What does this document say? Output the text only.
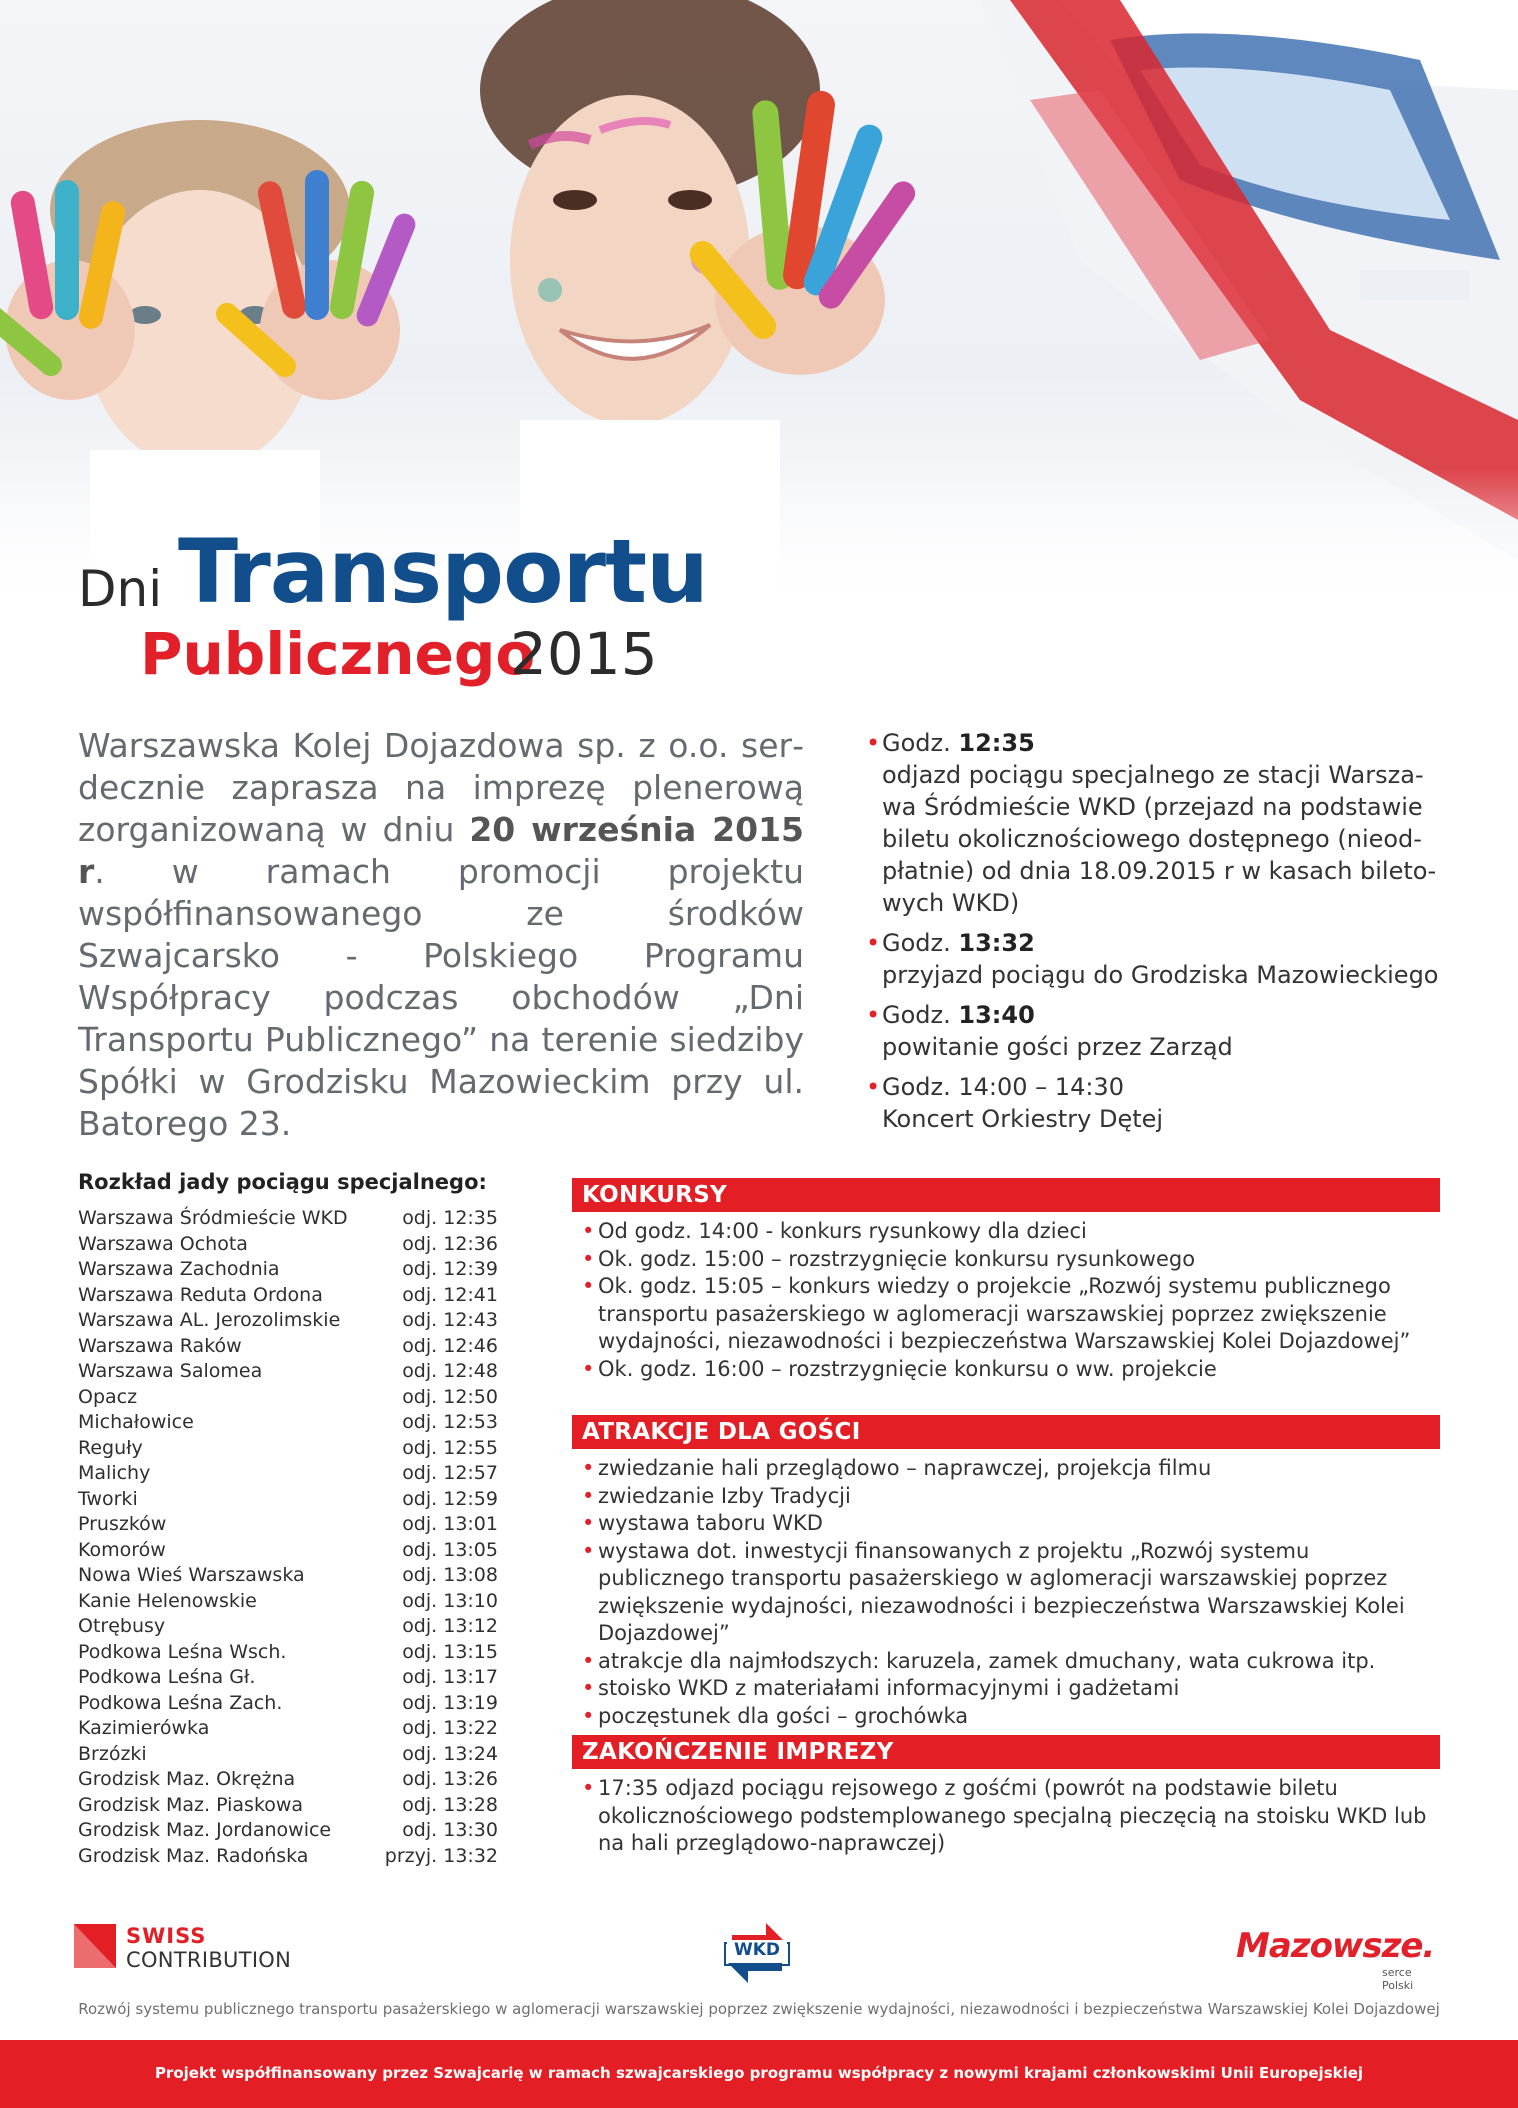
Dni Transportu
Publicznego
2015
Warszawska Kolej Dojazdowa sp. z o.o. serdecznie zaprasza na imprezę plenerową zorganizowaną w dniu 20 września 2015 r. w ramach promocji projektu współfinansowanego ze środków Szwajcarsko - Polskiego Programu Współpracy podczas obchodów „Dni Transportu Publicznego” na terenie siedziby Spółki w Grodzisku Mazowieckim przy ul. Batorego 23.
• Godz. 12:35
odjazd pociągu specjalnego ze stacji Warszawa Śródmieście WKD (przejazd na podstawie biletu okolicznościowego dostępnego (nieodpłatnie) od dnia 18.09.2015 r w kasach biletowych WKD)
• Godz. 13:32
przyjazd pociągu do Grodziska Mazowieckiego
• Godz. 13:40
powitanie gości przez Zarząd
• Godz. 14:00 – 14:30
Koncert Orkiestry Dętej
Rozkład jady pociągu specjalnego:
Warszawa Śródmieście WKD	odj. 12:35
Warszawa Ochota	odj. 12:36
Warszawa Zachodnia	odj. 12:39
Warszawa Reduta Ordona	odj. 12:41
Warszawa AL. Jerozolimskie	odj. 12:43
Warszawa Raków	odj. 12:46
Warszawa Salomea	odj. 12:48
Opacz	odj. 12:50
Michałowice	odj. 12:53
Reguły	odj. 12:55
Malichy	odj. 12:57
Tworki	odj. 12:59
Pruszków	odj. 13:01
Komorów	odj. 13:05
Nowa Wieś Warszawska	odj. 13:08
Kanie Helenowskie	odj. 13:10
Otrębusy	odj. 13:12
Podkowa Leśna Wsch.	odj. 13:15
Podkowa Leśna Gł.	odj. 13:17
Podkowa Leśna Zach.	odj. 13:19
Kazimierówka	odj. 13:22
Brzózki	odj. 13:24
Grodzisk Maz. Okrężna	odj. 13:26
Grodzisk Maz. Piaskowa	odj. 13:28
Grodzisk Maz. Jordanowice	odj. 13:30
Grodzisk Maz. Radońska	przyj. 13:32
KONKURSY
• Od godz. 14:00 - konkurs rysunkowy dla dzieci
• Ok. godz. 15:00 – rozstrzygnięcie konkursu rysunkowego
• Ok. godz. 15:05 – konkurs wiedzy o projekcie „Rozwój systemu publicznego transportu pasażerskiego w aglomeracji warszawskiej poprzez zwiększenie wydajności, niezawodności i bezpieczeństwa Warszawskiej Kolei Dojazdowej”
• Ok. godz. 16:00 – rozstrzygnięcie konkursu o ww. projekcie
ATRAKCJE DLA GOŚCI
• zwiedzanie hali przeglądowo – naprawczej, projekcja filmu
• zwiedzanie Izby Tradycji
• wystawa taboru WKD
• wystawa dot. inwestycji finansowanych z projektu „Rozwój systemu publicznego transportu pasażerskiego w aglomeracji warszawskiej poprzez zwiększenie wydajności, niezawodności i bezpieczeństwa Warszawskiej Kolei Dojazdowej”
• atrakcje dla najmłodszych: karuzela, zamek dmuchany, wata cukrowa itp.
• stoisko WKD z materiałami informacyjnymi i gadżetami
• poczęstunek dla gości – grochówka
ZAKOŃCZENIE IMPREZY
• 17:35 odjazd pociągu rejsowego z gośćmi (powrót na podstawie biletu okolicznościowego podstemplowanego specjalną pieczęcią na stoisku WKD lub na hali przeglądowo-naprawczej)
SWISS
CONTRIBUTION	WKD	Mazowsze.
serce Polski
Rozwój systemu publicznego transportu pasażerskiego w aglomeracji warszawskiej poprzez zwiększenie wydajności, niezawodności i bezpieczeństwa Warszawskiej Kolei Dojazdowej
Projekt współfinansowany przez Szwajcarię w ramach szwajcarskiego programu współpracy z nowymi krajami członkowskimi Unii Europejskiej
